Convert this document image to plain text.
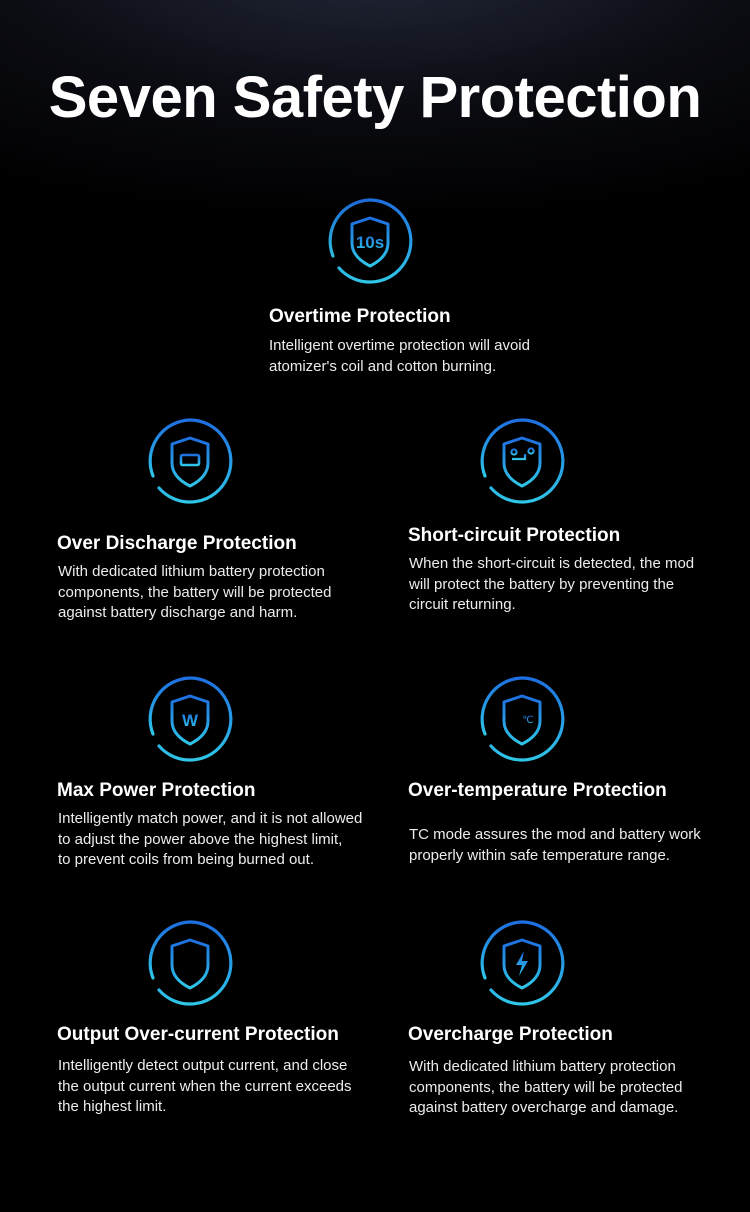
Seven Safety Protection
10s
Overtime Protection

Intelligent overtime protection will avoid
atomizer's coil and cotton burning.

Over Discharge Protection

With dedicated lithium battery protection
components, the battery will be protected
against battery discharge and harm.

Short-circuit Protection

When the short-circuit is detected, the mod
will protect the battery by preventing the
circuit returning.

W
Max Power Protection

Intelligently match power, and it is not allowed
to adjust the power above the highest limit,
to prevent coils from being burned out.

℃
Over-temperature Protection

TC mode assures the mod and battery work
properly within safe temperature range.

Output Over-current Protection

Intelligently detect output current, and close
the output current when the current exceeds
the highest limit.

Overcharge Protection

With dedicated lithium battery protection
components, the battery will be protected
against battery overcharge and damage.
